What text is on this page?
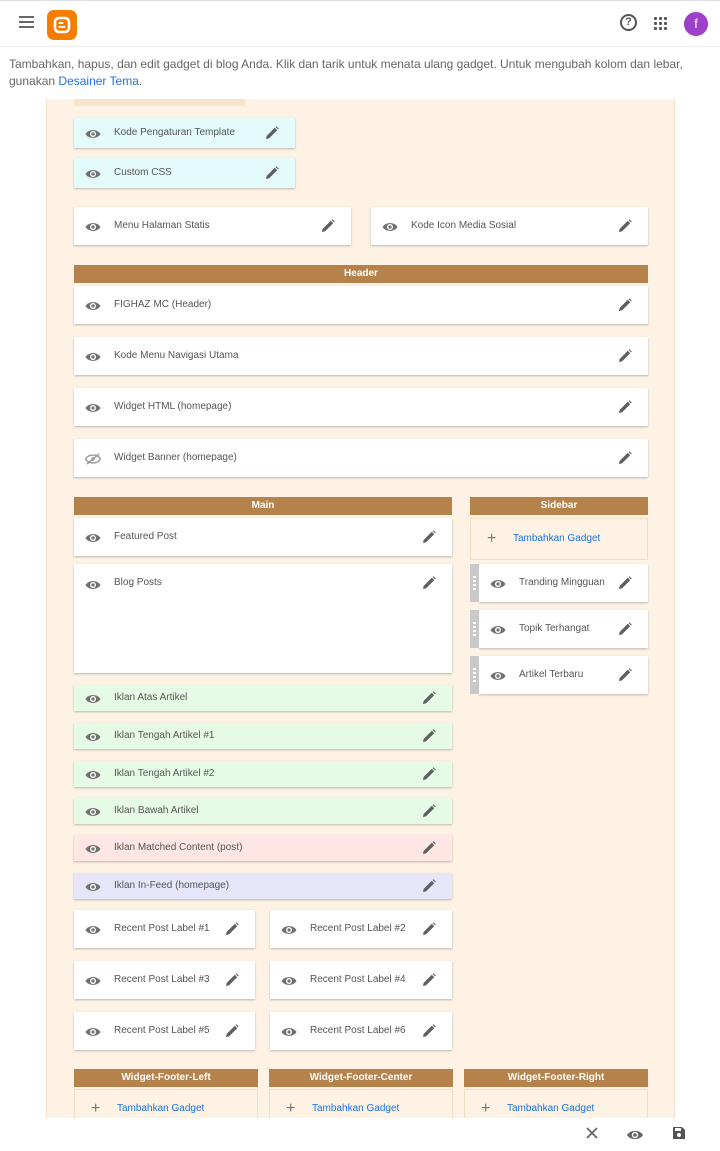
?	f
Tambahkan, hapus, dan edit gadget di blog Anda. Klik dan tarik untuk menata ulang gadget. Untuk mengubah kolom dan lebar, gunakan Desainer Tema.
Kode Pengaturan Template
Custom CSS
Menu Halaman Statis	Kode Icon Media Sosial
Header
FIGHAZ MC (Header)
Kode Menu Navigasi Utama
Widget HTML (homepage)
Widget Banner (homepage)
Main
Featured Post
Blog Posts
Iklan Atas Artikel
Iklan Tengah Artikel #1
Iklan Tengah Artikel #2
Iklan Bawah Artikel
Iklan Matched Content (post)
Iklan In-Feed (homepage)
Recent Post Label #1	Recent Post Label #2
Recent Post Label #3	Recent Post Label #4
Recent Post Label #5	Recent Post Label #6
Sidebar
+ Tambahkan Gadget
Tranding Mingguan
Topik Terhangat
Artikel Terbaru
Widget-Footer-Left	Widget-Footer-Center	Widget-Footer-Right
+ Tambahkan Gadget	+ Tambahkan Gadget	+ Tambahkan Gadget
